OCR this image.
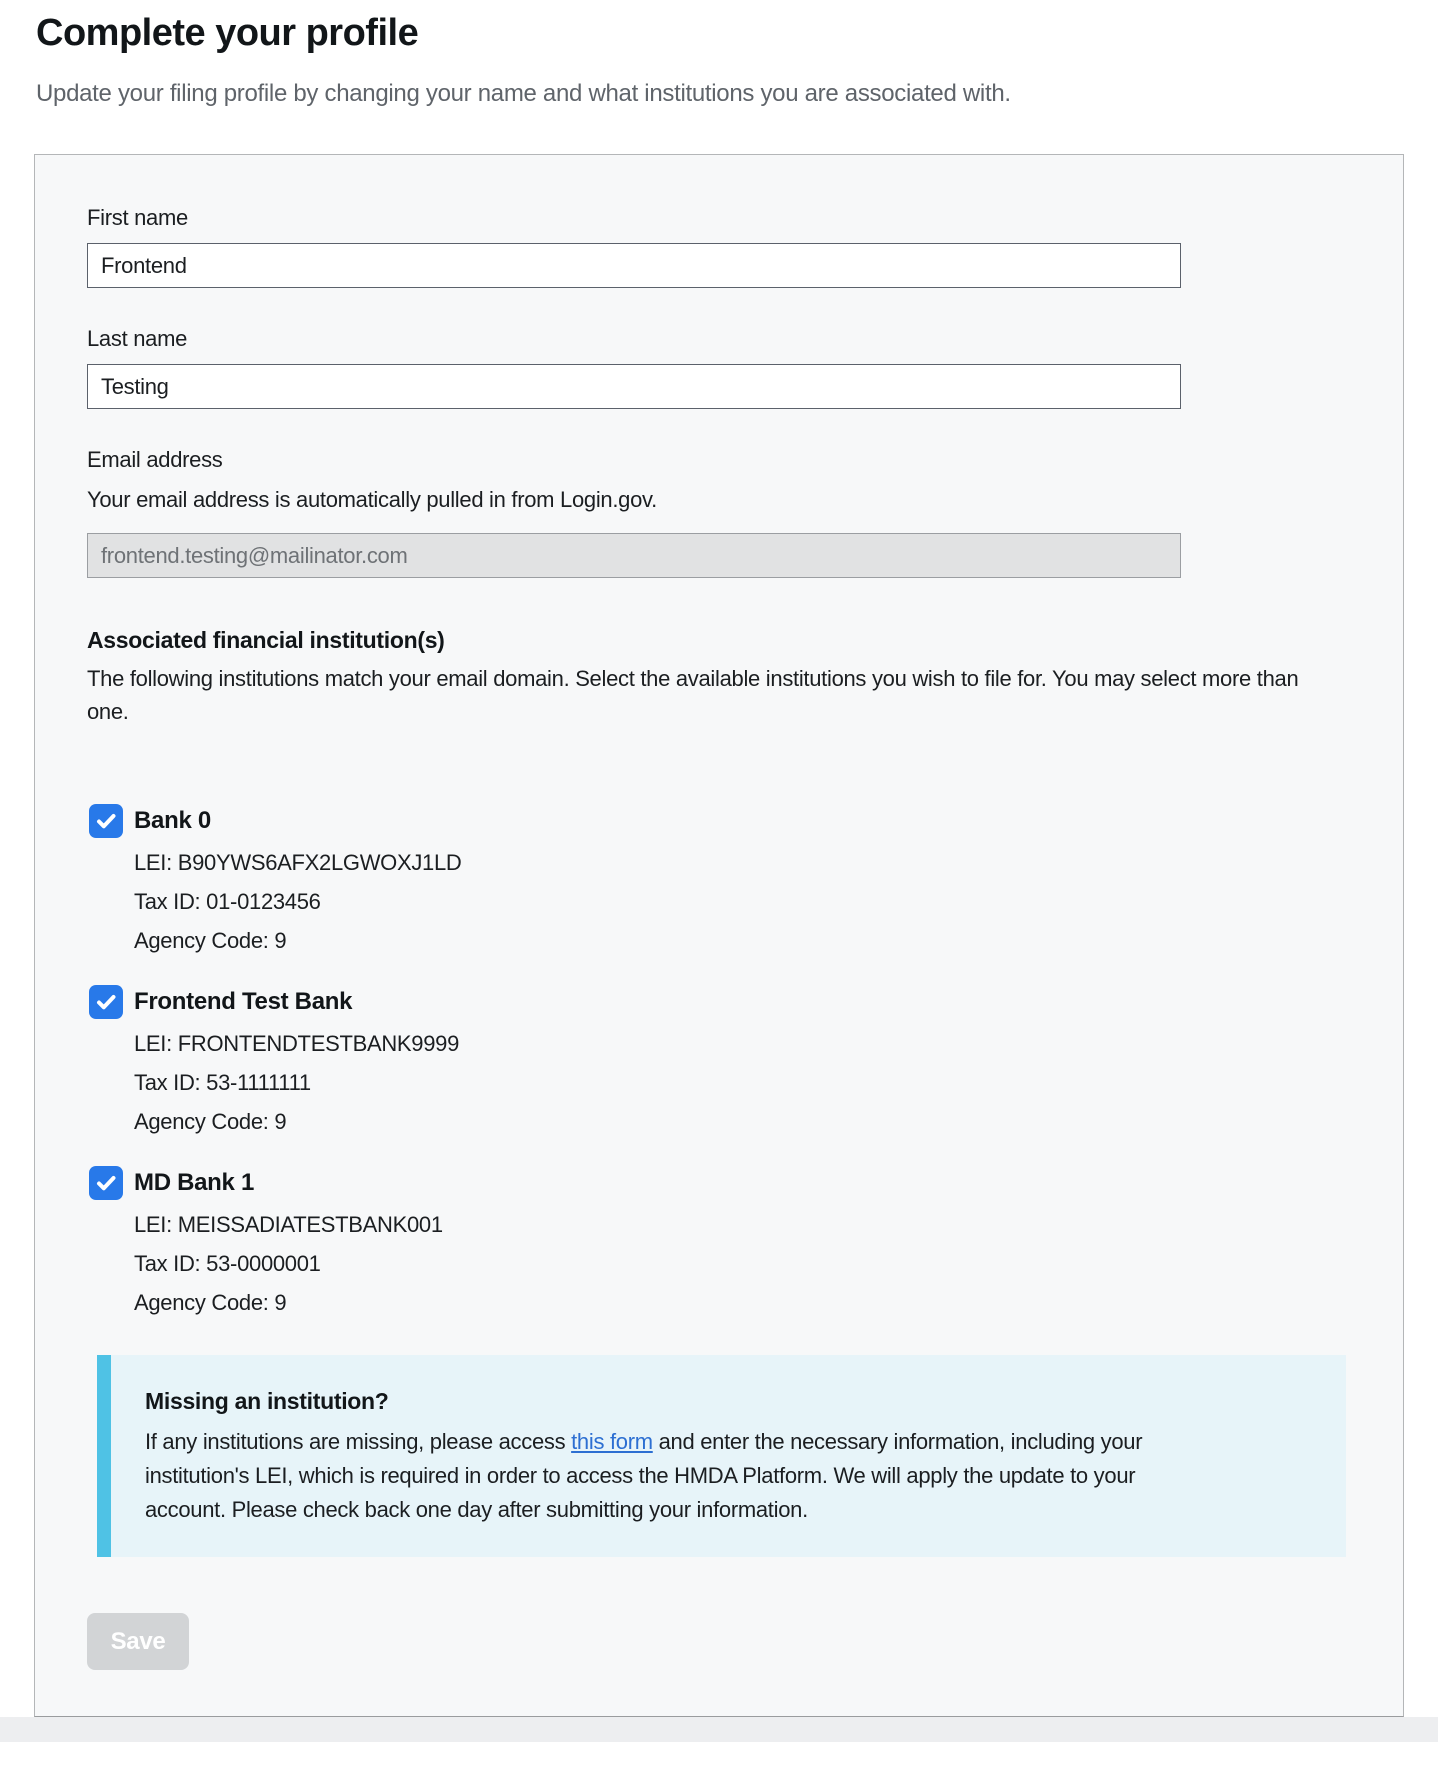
Complete your profile

Update your filing profile by changing your name and what institutions you are associated with.

First name
Frontend
Last name
Testing
Email address

Your email address is automatically pulled in from Login.gov.

frontend.testing@mailinator.com
Associated financial institution(s)

The following institutions match your email domain. Select the available institutions you wish to file for. You may select more than one.

Bank 0

LEI: B90YWS6AFX2LGWOXJ1LD

Tax ID: 01-0123456

Agency Code: 9

Frontend Test Bank

LEI: FRONTENDTESTBANK9999

Tax ID: 53-1111111

Agency Code: 9

MD Bank 1

LEI: MEISSADIATESTBANK001

Tax ID: 53-0000001

Agency Code: 9

Missing an institution?

If any institutions are missing, please access this form and enter the necessary information, including your institution's LEI, which is required in order to access the HMDA Platform. We will apply the update to your account. Please check back one day after submitting your information.

Save
